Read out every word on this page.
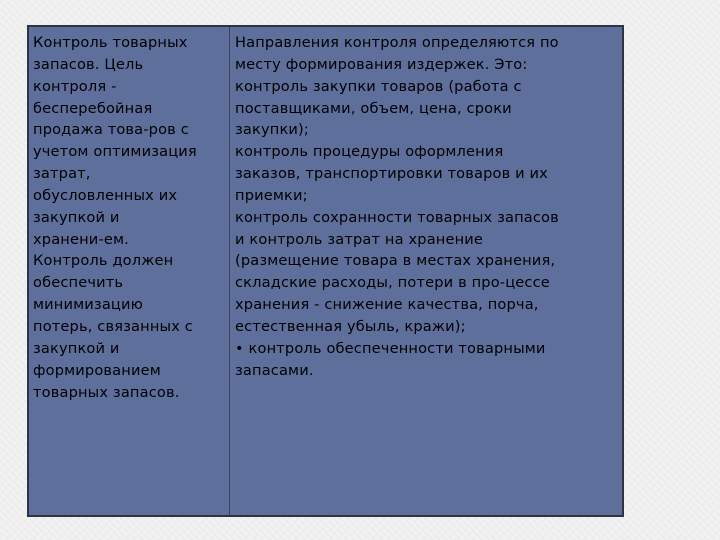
Контроль товарных
запасов. Цель
контроля -
бесперебойная
продажа това-ров с
учетом оптимизация
затрат,
обусловленных их
закупкой и
хранени-ем.
Контроль должен
обеспечить
минимизацию
потерь, связанных с
закупкой и
формированием
товарных запасов.
Направления контроля определяются по
месту формирования издержек. Это:
контроль закупки товаров (работа с
поставщиками, объем, цена, сроки
закупки);
контроль процедуры оформления
заказов, транспортировки товаров и их
приемки;
контроль сохранности товарных запасов
и контроль затрат на хранение
(размещение товара в местах хранения,
складские расходы, потери в про-цессе
хранения - снижение качества, порча,
естественная убыль, кражи);
• контроль обеспеченности товарными
запасами.
